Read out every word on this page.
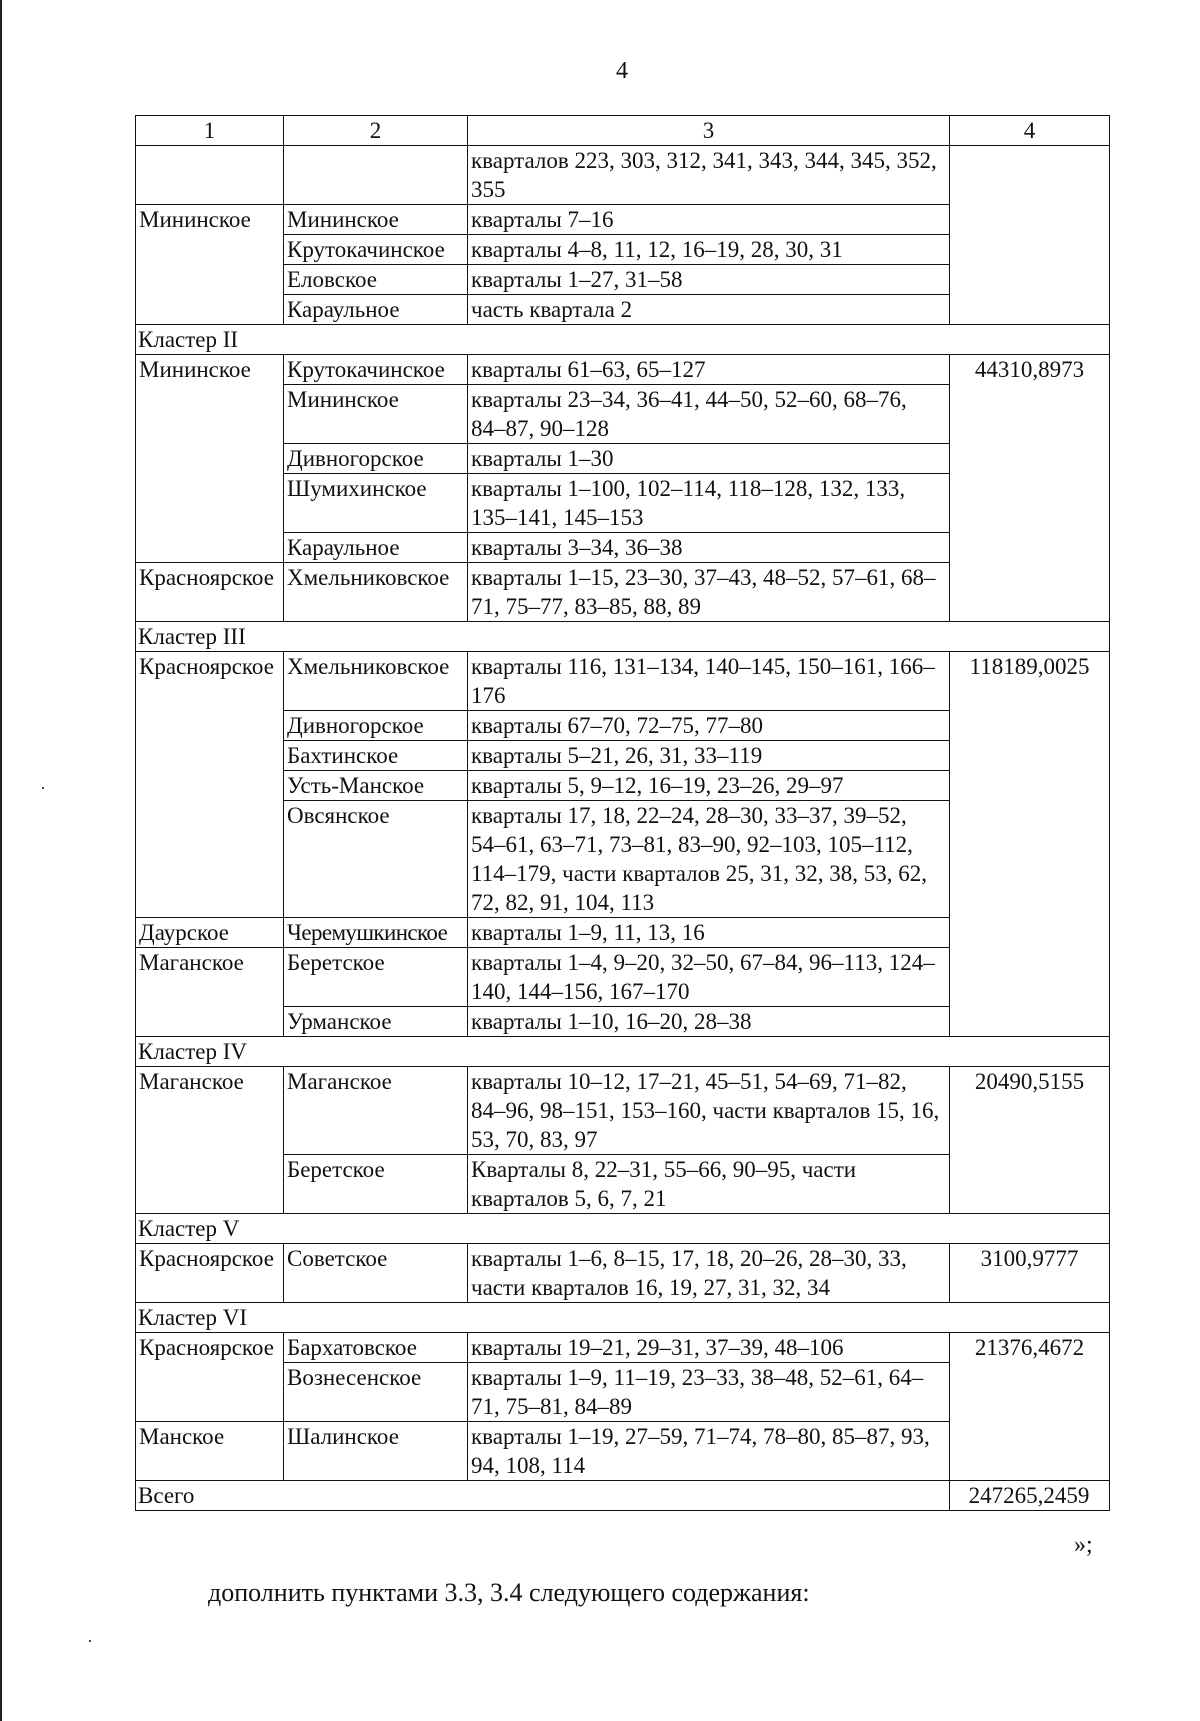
4
1	2	3	4
		кварталов 223, 303, 312, 341, 343, 344, 345, 352, 355	
Мининское	Мининское	кварталы 7–16	
	Крутокачинское	кварталы 4–8, 11, 12, 16–19, 28, 30, 31	
	Еловское	кварталы 1–27, 31–58	
	Караульное	часть квартала 2	
Кластер II			
Мининское	Крутокачинское	кварталы 61–63, 65–127	44310,8973
	Мининское	кварталы 23–34, 36–41, 44–50, 52–60, 68–76, 84–87, 90–128	
	Дивногорское	кварталы 1–30	
	Шумихинское	кварталы 1–100, 102–114, 118–128, 132, 133, 135–141, 145–153	
	Караульное	кварталы 3–34, 36–38	
Красноярское	Хмельниковское	кварталы 1–15, 23–30, 37–43, 48–52, 57–61, 68–71, 75–77, 83–85, 88, 89	
Кластер III			
Красноярское	Хмельниковское	кварталы 116, 131–134, 140–145, 150–161, 166–176	118189,0025
	Дивногорское	кварталы 67–70, 72–75, 77–80	
	Бахтинское	кварталы 5–21, 26, 31, 33–119	
	Усть-Манское	кварталы 5, 9–12, 16–19, 23–26, 29–97	
	Овсянское	кварталы 17, 18, 22–24, 28–30, 33–37, 39–52, 54–61, 63–71, 73–81, 83–90, 92–103, 105–112, 114–179, части кварталов 25, 31, 32, 38, 53, 62, 72, 82, 91, 104, 113	
Даурское	Черемушкинское	кварталы 1–9, 11, 13, 16	
Маганское	Беретское	кварталы 1–4, 9–20, 32–50, 67–84, 96–113, 124–140, 144–156, 167–170	
	Урманское	кварталы 1–10, 16–20, 28–38	
Кластер IV			
Маганское	Маганское	кварталы 10–12, 17–21, 45–51, 54–69, 71–82, 84–96, 98–151, 153–160, части кварталов 15, 16, 53, 70, 83, 97	20490,5155
	Беретское	Кварталы 8, 22–31, 55–66, 90–95, части кварталов 5, 6, 7, 21	
Кластер V			
Красноярское	Советское	кварталы 1–6, 8–15, 17, 18, 20–26, 28–30, 33, части кварталов 16, 19, 27, 31, 32, 34	3100,9777
Кластер VI			
Красноярское	Бархатовское	кварталы 19–21, 29–31, 37–39, 48–106	21376,4672
	Вознесенское	кварталы 1–9, 11–19, 23–33, 38–48, 52–61, 64–71, 75–81, 84–89	
Манское	Шалинское	кварталы 1–19, 27–59, 71–74, 78–80, 85–87, 93, 94, 108, 114	
Всего			247265,2459
»;
дополнить пунктами 3.3, 3.4 следующего содержания:
